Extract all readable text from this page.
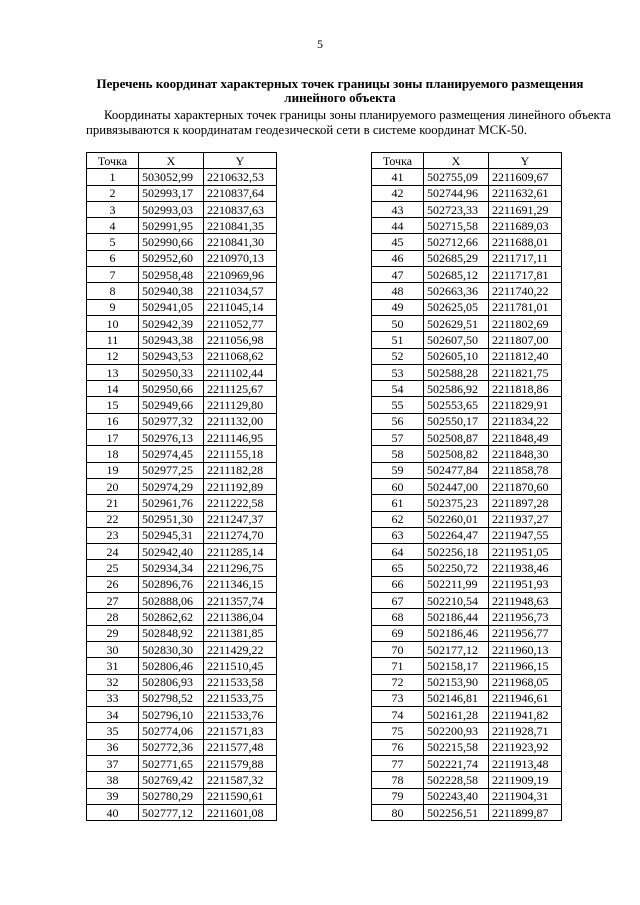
5
Перечень координат характерных точек границы зоны планируемого размещения линейного объекта
Координаты характерных точек границы зоны планируемого размещения линейного объекта привязываются к координатам геодезической сети в системе координат МСК-50.
Точка	X	Y
1	503052,99	2210632,53
2	502993,17	2210837,64
3	502993,03	2210837,63
4	502991,95	2210841,35
5	502990,66	2210841,30
6	502952,60	2210970,13
7	502958,48	2210969,96
8	502940,38	2211034,57
9	502941,05	2211045,14
10	502942,39	2211052,77
11	502943,38	2211056,98
12	502943,53	2211068,62
13	502950,33	2211102,44
14	502950,66	2211125,67
15	502949,66	2211129,80
16	502977,32	2211132,00
17	502976,13	2211146,95
18	502974,45	2211155,18
19	502977,25	2211182,28
20	502974,29	2211192,89
21	502961,76	2211222,58
22	502951,30	2211247,37
23	502945,31	2211274,70
24	502942,40	2211285,14
25	502934,34	2211296,75
26	502896,76	2211346,15
27	502888,06	2211357,74
28	502862,62	2211386,04
29	502848,92	2211381,85
30	502830,30	2211429,22
31	502806,46	2211510,45
32	502806,93	2211533,58
33	502798,52	2211533,75
34	502796,10	2211533,76
35	502774,06	2211571,83
36	502772,36	2211577,48
37	502771,65	2211579,88
38	502769,42	2211587,32
39	502780,29	2211590,61
40	502777,12	2211601,08
Точка	X	Y
41	502755,09	2211609,67
42	502744,96	2211632,61
43	502723,33	2211691,29
44	502715,58	2211689,03
45	502712,66	2211688,01
46	502685,29	2211717,11
47	502685,12	2211717,81
48	502663,36	2211740,22
49	502625,05	2211781,01
50	502629,51	2211802,69
51	502607,50	2211807,00
52	502605,10	2211812,40
53	502588,28	2211821,75
54	502586,92	2211818,86
55	502553,65	2211829,91
56	502550,17	2211834,22
57	502508,87	2211848,49
58	502508,82	2211848,30
59	502477,84	2211858,78
60	502447,00	2211870,60
61	502375,23	2211897,28
62	502260,01	2211937,27
63	502264,47	2211947,55
64	502256,18	2211951,05
65	502250,72	2211938,46
66	502211,99	2211951,93
67	502210,54	2211948,63
68	502186,44	2211956,73
69	502186,46	2211956,77
70	502177,12	2211960,13
71	502158,17	2211966,15
72	502153,90	2211968,05
73	502146,81	2211946,61
74	502161,28	2211941,82
75	502200,93	2211928,71
76	502215,58	2211923,92
77	502221,74	2211913,48
78	502228,58	2211909,19
79	502243,40	2211904,31
80	502256,51	2211899,87
